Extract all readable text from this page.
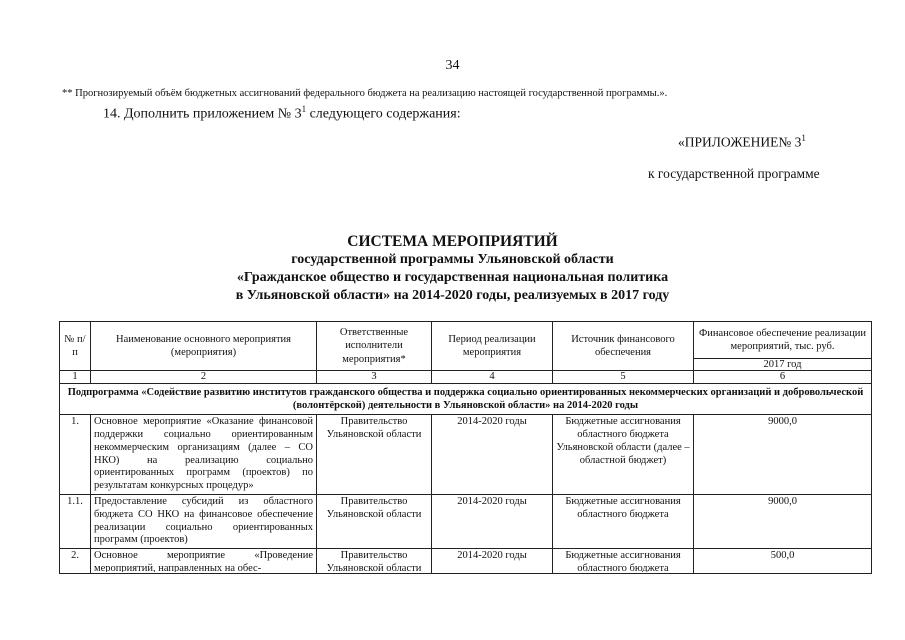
34
** Прогнозируемый объём бюджетных ассигнований федерального бюджета на реализацию настоящей государственной программы.».
14. Дополнить приложением № $3^1$ следующего содержания:
«ПРИЛОЖЕНИЕ№ $3^1$
к государственной программе
СИСТЕМА МЕРОПРИЯТИЙ
государственной программы Ульяновской области
«Гражданское общество и государственная национальная политика
в Ульяновской области» на 2014-2020 годы, реализуемых в 2017 году
№ п/п	Наименование основного мероприятия (мероприятия)	Ответственные исполнители мероприятия*	Период реализации мероприятия	Источник финансового обеспечения	Финансовое обеспечение реализации мероприятий, тыс. руб.
					2017 год
1	2	3	4	5	6
Подпрограмма «Содействие развитию институтов гражданского общества и поддержка социально ориентированных некоммерческих организаций и добровольческой (волонтёрской) деятельности в Ульяновской области» на 2014-2020 годы					
1.	Основное мероприятие «Оказание финансовой поддержки социально ориентированным некоммерческим организациям (далее – СО НКО) на реализацию социально ориентированных программ (проектов) по результатам конкурсных процедур»	Правительство Ульяновской области	2014-2020 годы	Бюджетные ассигнования областного бюджета Ульяновской области (далее – областной бюджет)	9000,0
1.1.	Предоставление субсидий из областного бюджета СО НКО на финансовое обеспечение реализации социально ориентированных программ (проектов)	Правительство Ульяновской области	2014-2020 годы	Бюджетные ассигнования областного бюджета	9000,0

2.	Основное мероприятие «Проведение мероприятий, направленных на обес-	Правительство Ульяновской области	2014-2020 годы	Бюджетные ассигнования областного бюджета	500,0
